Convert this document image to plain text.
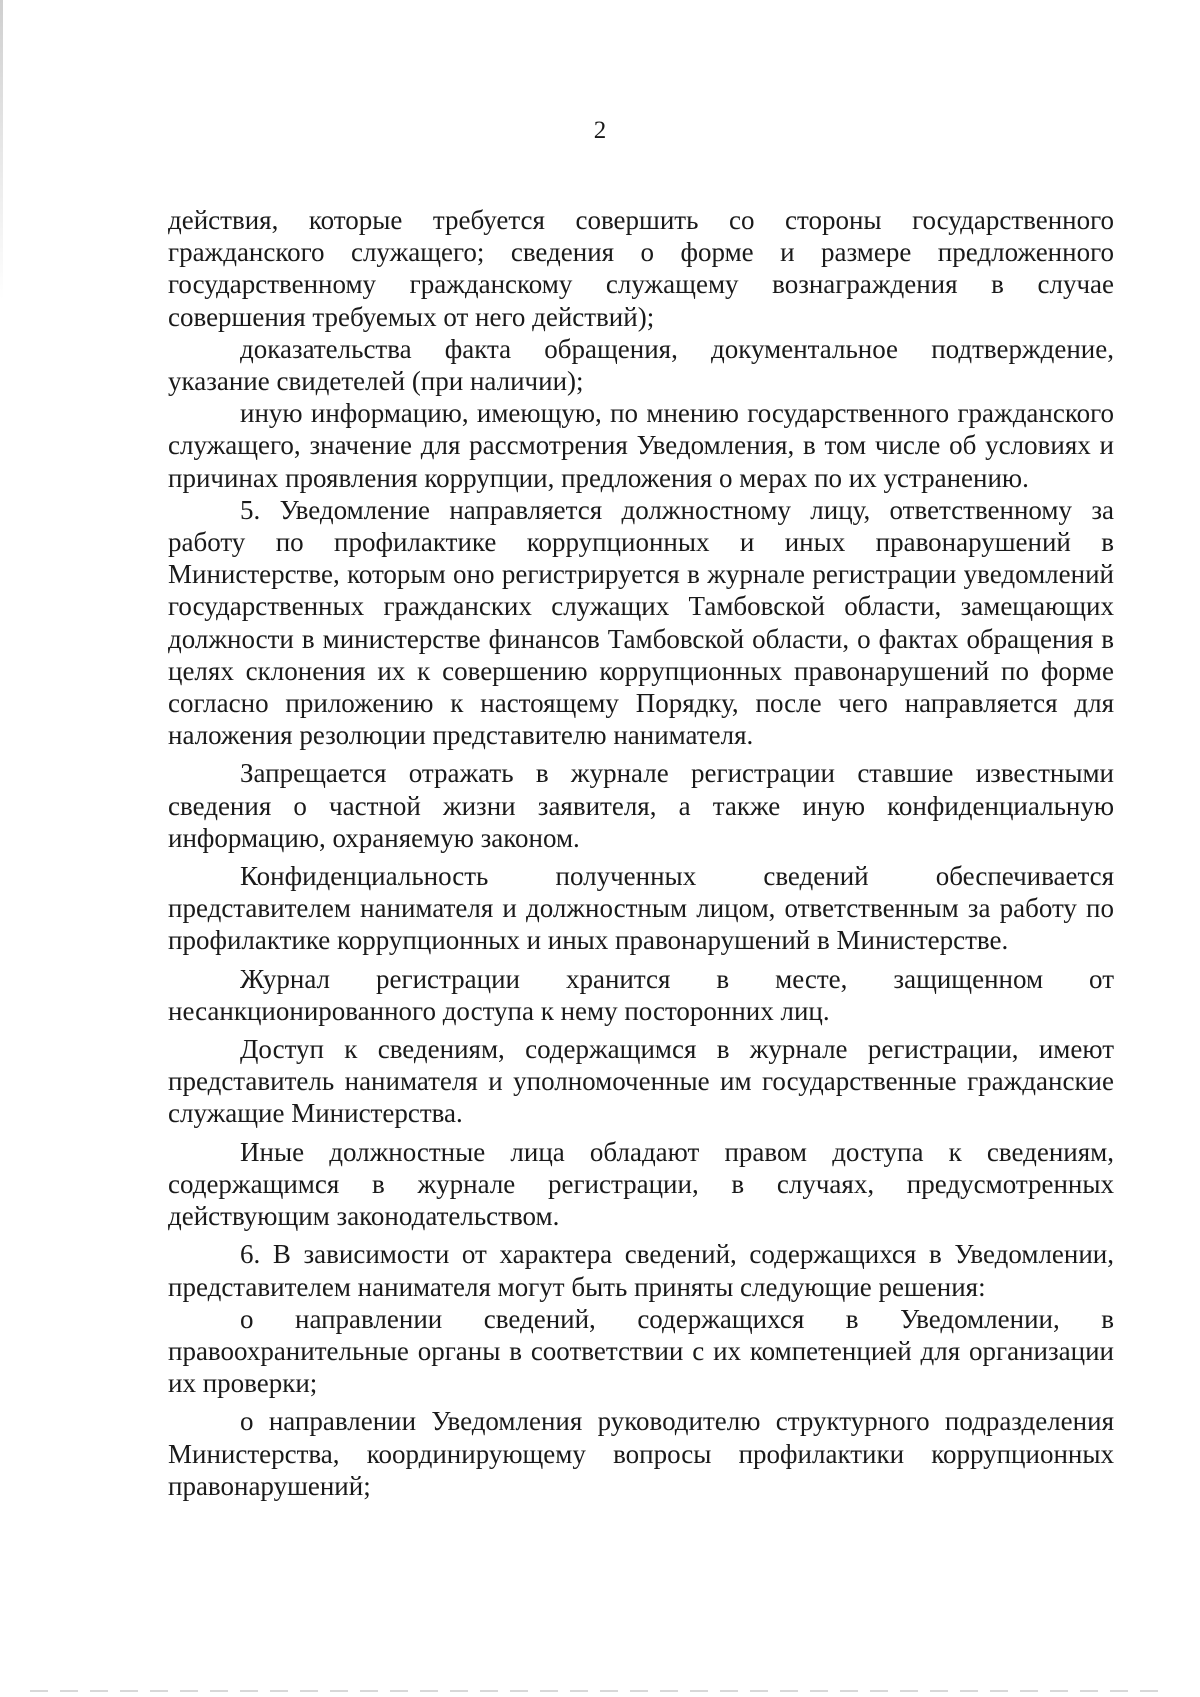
2

действия, которые требуется совершить со стороны государственного гражданского служащего; сведения о форме и размере предложенного государственному гражданскому служащему вознаграждения в случае совершения требуемых от него действий);

доказательства факта обращения, документальное подтверждение, указание свидетелей (при наличии);

иную информацию, имеющую, по мнению государственного гражданского служащего, значение для рассмотрения Уведомления, в том числе об условиях и причинах проявления коррупции, предложения о мерах по их устранению.

5. Уведомление направляется должностному лицу, ответственному за работу по профилактике коррупционных и иных правонарушений в Министерстве, которым оно регистрируется в журнале регистрации уведомлений государственных гражданских служащих Тамбовской области, замещающих должности в министерстве финансов Тамбовской области, о фактах обращения в целях склонения их к совершению коррупционных правонарушений по форме согласно приложению к настоящему Порядку, после чего направляется для наложения резолюции представителю нанимателя.

Запрещается отражать в журнале регистрации ставшие известными сведения о частной жизни заявителя, а также иную конфиденциальную информацию, охраняемую законом.

Конфиденциальность полученных сведений обеспечивается представителем нанимателя и должностным лицом, ответственным за работу по профилактике коррупционных и иных правонарушений в Министерстве.

Журнал регистрации хранится в месте, защищенном от несанкционированного доступа к нему посторонних лиц.

Доступ к сведениям, содержащимся в журнале регистрации, имеют представитель нанимателя и уполномоченные им государственные гражданские служащие Министерства.

Иные должностные лица обладают правом доступа к сведениям, содержащимся в журнале регистрации, в случаях, предусмотренных действующим законодательством.

6. В зависимости от характера сведений, содержащихся в Уведомлении, представителем нанимателя могут быть приняты следующие решения:

о направлении сведений, содержащихся в Уведомлении, в правоохранительные органы в соответствии с их компетенцией для организации их проверки;

о направлении Уведомления руководителю структурного подразделения Министерства, координирующему вопросы профилактики коррупционных правонарушений;
